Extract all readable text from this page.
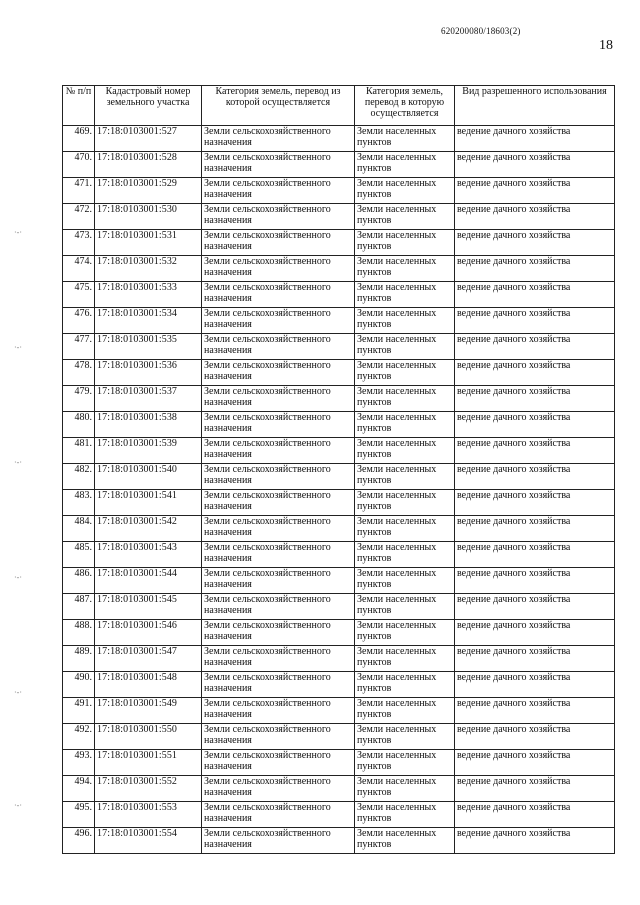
620200080/18603(2)
18
·-·
·-·
·-·
·-·
·-·
·-·
№ п/п	Кадастровый номер земельного участка	Категория земель, перевод из которой осуществляется	Категория земель, перевод в которую осуществляется	Вид разрешенного использования
469.	17:18:0103001:527	Земли сельскохозяйственного назначения	Земли населенных пунктов	ведение дачного хозяйства
470.	17:18:0103001:528	Земли сельскохозяйственного назначения	Земли населенных пунктов	ведение дачного хозяйства
471.	17:18:0103001:529	Земли сельскохозяйственного назначения	Земли населенных пунктов	ведение дачного хозяйства
472.	17:18:0103001:530	Земли сельскохозяйственного назначения	Земли населенных пунктов	ведение дачного хозяйства
473.	17:18:0103001:531	Земли сельскохозяйственного назначения	Земли населенных пунктов	ведение дачного хозяйства
474.	17:18:0103001:532	Земли сельскохозяйственного назначения	Земли населенных пунктов	ведение дачного хозяйства
475.	17:18:0103001:533	Земли сельскохозяйственного назначения	Земли населенных пунктов	ведение дачного хозяйства
476.	17:18:0103001:534	Земли сельскохозяйственного назначения	Земли населенных пунктов	ведение дачного хозяйства
477.	17:18:0103001:535	Земли сельскохозяйственного назначения	Земли населенных пунктов	ведение дачного хозяйства
478.	17:18:0103001:536	Земли сельскохозяйственного назначения	Земли населенных пунктов	ведение дачного хозяйства
479.	17:18:0103001:537	Земли сельскохозяйственного назначения	Земли населенных пунктов	ведение дачного хозяйства
480.	17:18:0103001:538	Земли сельскохозяйственного назначения	Земли населенных пунктов	ведение дачного хозяйства
481.	17:18:0103001:539	Земли сельскохозяйственного назначения	Земли населенных пунктов	ведение дачного хозяйства
482.	17:18:0103001:540	Земли сельскохозяйственного назначения	Земли населенных пунктов	ведение дачного хозяйства
483.	17:18:0103001:541	Земли сельскохозяйственного назначения	Земли населенных пунктов	ведение дачного хозяйства
484.	17:18:0103001:542	Земли сельскохозяйственного назначения	Земли населенных пунктов	ведение дачного хозяйства
485.	17:18:0103001:543	Земли сельскохозяйственного назначения	Земли населенных пунктов	ведение дачного хозяйства
486.	17:18:0103001:544	Земли сельскохозяйственного назначения	Земли населенных пунктов	ведение дачного хозяйства
487.	17:18:0103001:545	Земли сельскохозяйственного назначения	Земли населенных пунктов	ведение дачного хозяйства
488.	17:18:0103001:546	Земли сельскохозяйственного назначения	Земли населенных пунктов	ведение дачного хозяйства
489.	17:18:0103001:547	Земли сельскохозяйственного назначения	Земли населенных пунктов	ведение дачного хозяйства
490.	17:18:0103001:548	Земли сельскохозяйственного назначения	Земли населенных пунктов	ведение дачного хозяйства
491.	17:18:0103001:549	Земли сельскохозяйственного назначения	Земли населенных пунктов	ведение дачного хозяйства
492.	17:18:0103001:550	Земли сельскохозяйственного назначения	Земли населенных пунктов	ведение дачного хозяйства
493.	17:18:0103001:551	Земли сельскохозяйственного назначения	Земли населенных пунктов	ведение дачного хозяйства
494.	17:18:0103001:552	Земли сельскохозяйственного назначения	Земли населенных пунктов	ведение дачного хозяйства
495.	17:18:0103001:553	Земли сельскохозяйственного назначения	Земли населенных пунктов	ведение дачного хозяйства
496.	17:18:0103001:554	Земли сельскохозяйственного назначения	Земли населенных пунктов	ведение дачного хозяйства
